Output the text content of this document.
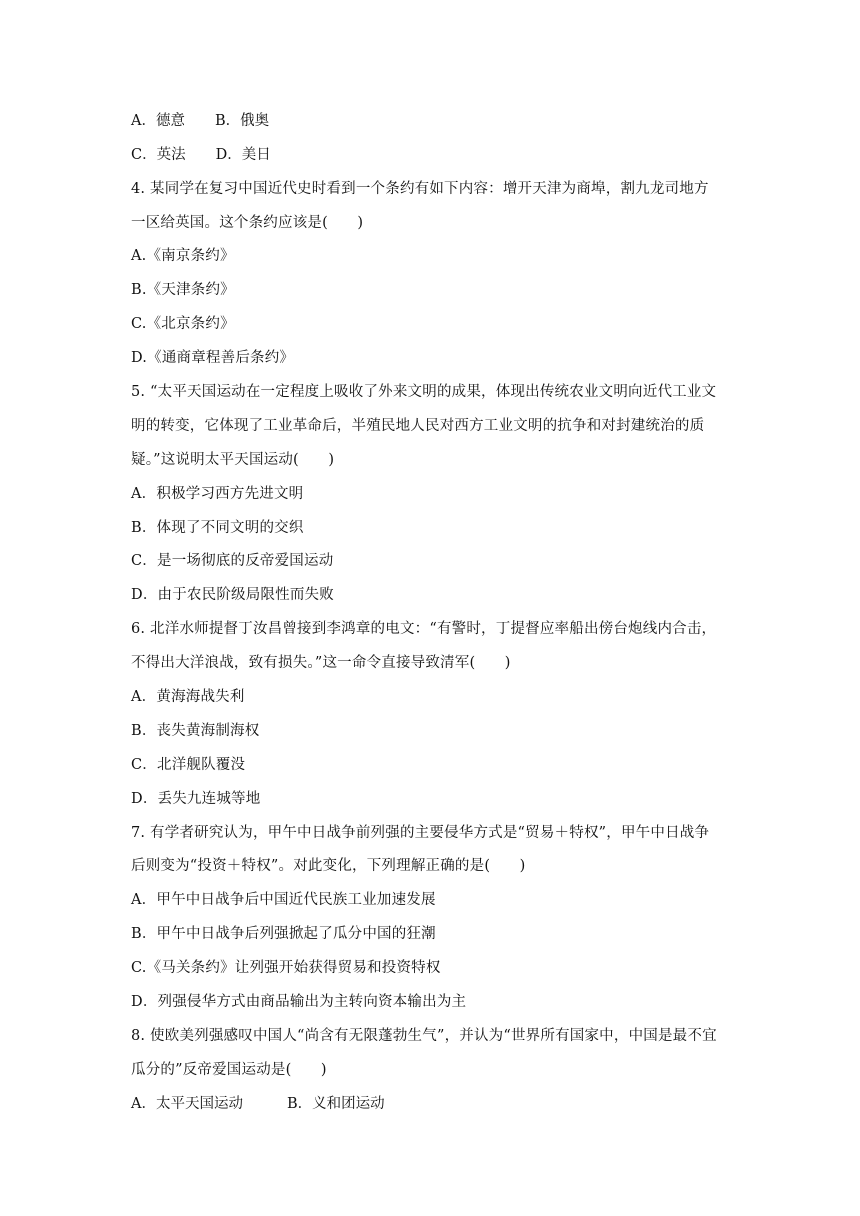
A．德意 B．俄奥
C．英法 D．美日
4. 某同学在复习中国近代史时看到一个条约有如下内容：增开天津为商埠，割九龙司地方
一区给英国。这个条约应该是(　　)
A.《南京条约》
B.《天津条约》
C.《北京条约》
D.《通商章程善后条约》
5. “太平天国运动在一定程度上吸收了外来文明的成果，体现出传统农业文明向近代工业文
明的转变，它体现了工业革命后，半殖民地人民对西方工业文明的抗争和对封建统治的质
疑。”这说明太平天国运动(　　)
A．积极学习西方先进文明
B．体现了不同文明的交织
C．是一场彻底的反帝爱国运动
D．由于农民阶级局限性而失败
6. 北洋水师提督丁汝昌曾接到李鸿章的电文：“有警时，丁提督应率船出傍台炮线内合击，
不得出大洋浪战，致有损失。”这一命令直接导致清军(　　)
A．黄海海战失利
B．丧失黄海制海权
C．北洋舰队覆没
D．丢失九连城等地
7. 有学者研究认为，甲午中日战争前列强的主要侵华方式是“贸易＋特权”，甲午中日战争
后则变为“投资＋特权”。对此变化，下列理解正确的是(　　)
A．甲午中日战争后中国近代民族工业加速发展
B．甲午中日战争后列强掀起了瓜分中国的狂潮
C.《马关条约》让列强开始获得贸易和投资特权
D．列强侵华方式由商品输出为主转向资本输出为主
8. 使欧美列强感叹中国人“尚含有无限蓬勃生气”，并认为“世界所有国家中，中国是最不宜
瓜分的”反帝爱国运动是(　　)
A．太平天国运动	B．义和团运动
